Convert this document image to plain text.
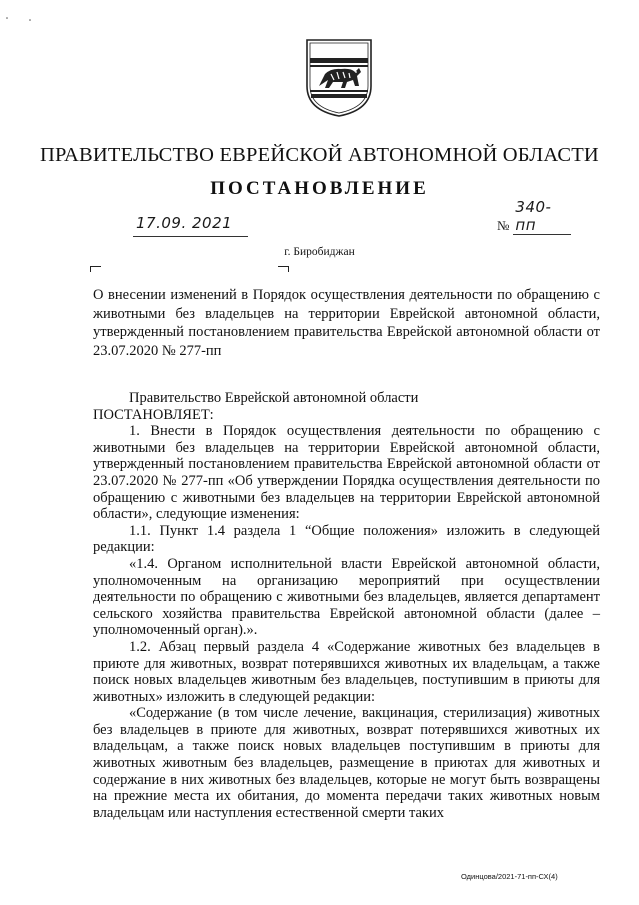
ПРАВИТЕЛЬСТВО ЕВРЕЙСКОЙ АВТОНОМНОЙ ОБЛАСТИ
ПОСТАНОВЛЕНИЕ
17.09. 2021	№
340-пп
г. Биробиджан
О внесении изменений в Порядок осуществления деятельности по обращению с животными без владельцев на территории Еврейской автономной области, утвержденный постановлением правительства Еврейской автономной области от 23.07.2020 № 277-пп

Правительство Еврейской автономной области

ПОСТАНОВЛЯЕТ:

1. Внести в Порядок осуществления деятельности по обращению с животными без владельцев на территории Еврейской автономной области, утвержденный постановлением правительства Еврейской автономной области от 23.07.2020 № 277-пп «Об утверждении Порядка осуществления деятельности по обращению с животными без владельцев на территории Еврейской автономной области», следующие изменения:

1.1. Пункт 1.4 раздела 1 “Общие положения» изложить в следующей редакции:

«1.4. Органом исполнительной власти Еврейской автономной области, уполномоченным на организацию мероприятий при осуществлении деятельности по обращению с животными без владельцев, является департамент сельского хозяйства правительства Еврейской автономной области (далее – уполномоченный орган).».

1.2. Абзац первый раздела 4 «Содержание животных без владельцев в приюте для животных, возврат потерявшихся животных их владельцам, а также поиск новых владельцев животным без владельцев, поступившим в приюты для животных» изложить в следующей редакции:

«Содержание (в том числе лечение, вакцинация, стерилизация) животных без владельцев в приюте для животных, возврат потерявшихся животных их владельцам, а также поиск новых владельцев поступившим в приюты для животных животным без владельцев, размещение в приютах для животных и содержание в них животных без владельцев, которые не могут быть возвращены на прежние места их обитания, до момента передачи таких животных новым владельцам или наступления естественной смерти таких

Одинцова/2021-71-пп-СХ(4)
